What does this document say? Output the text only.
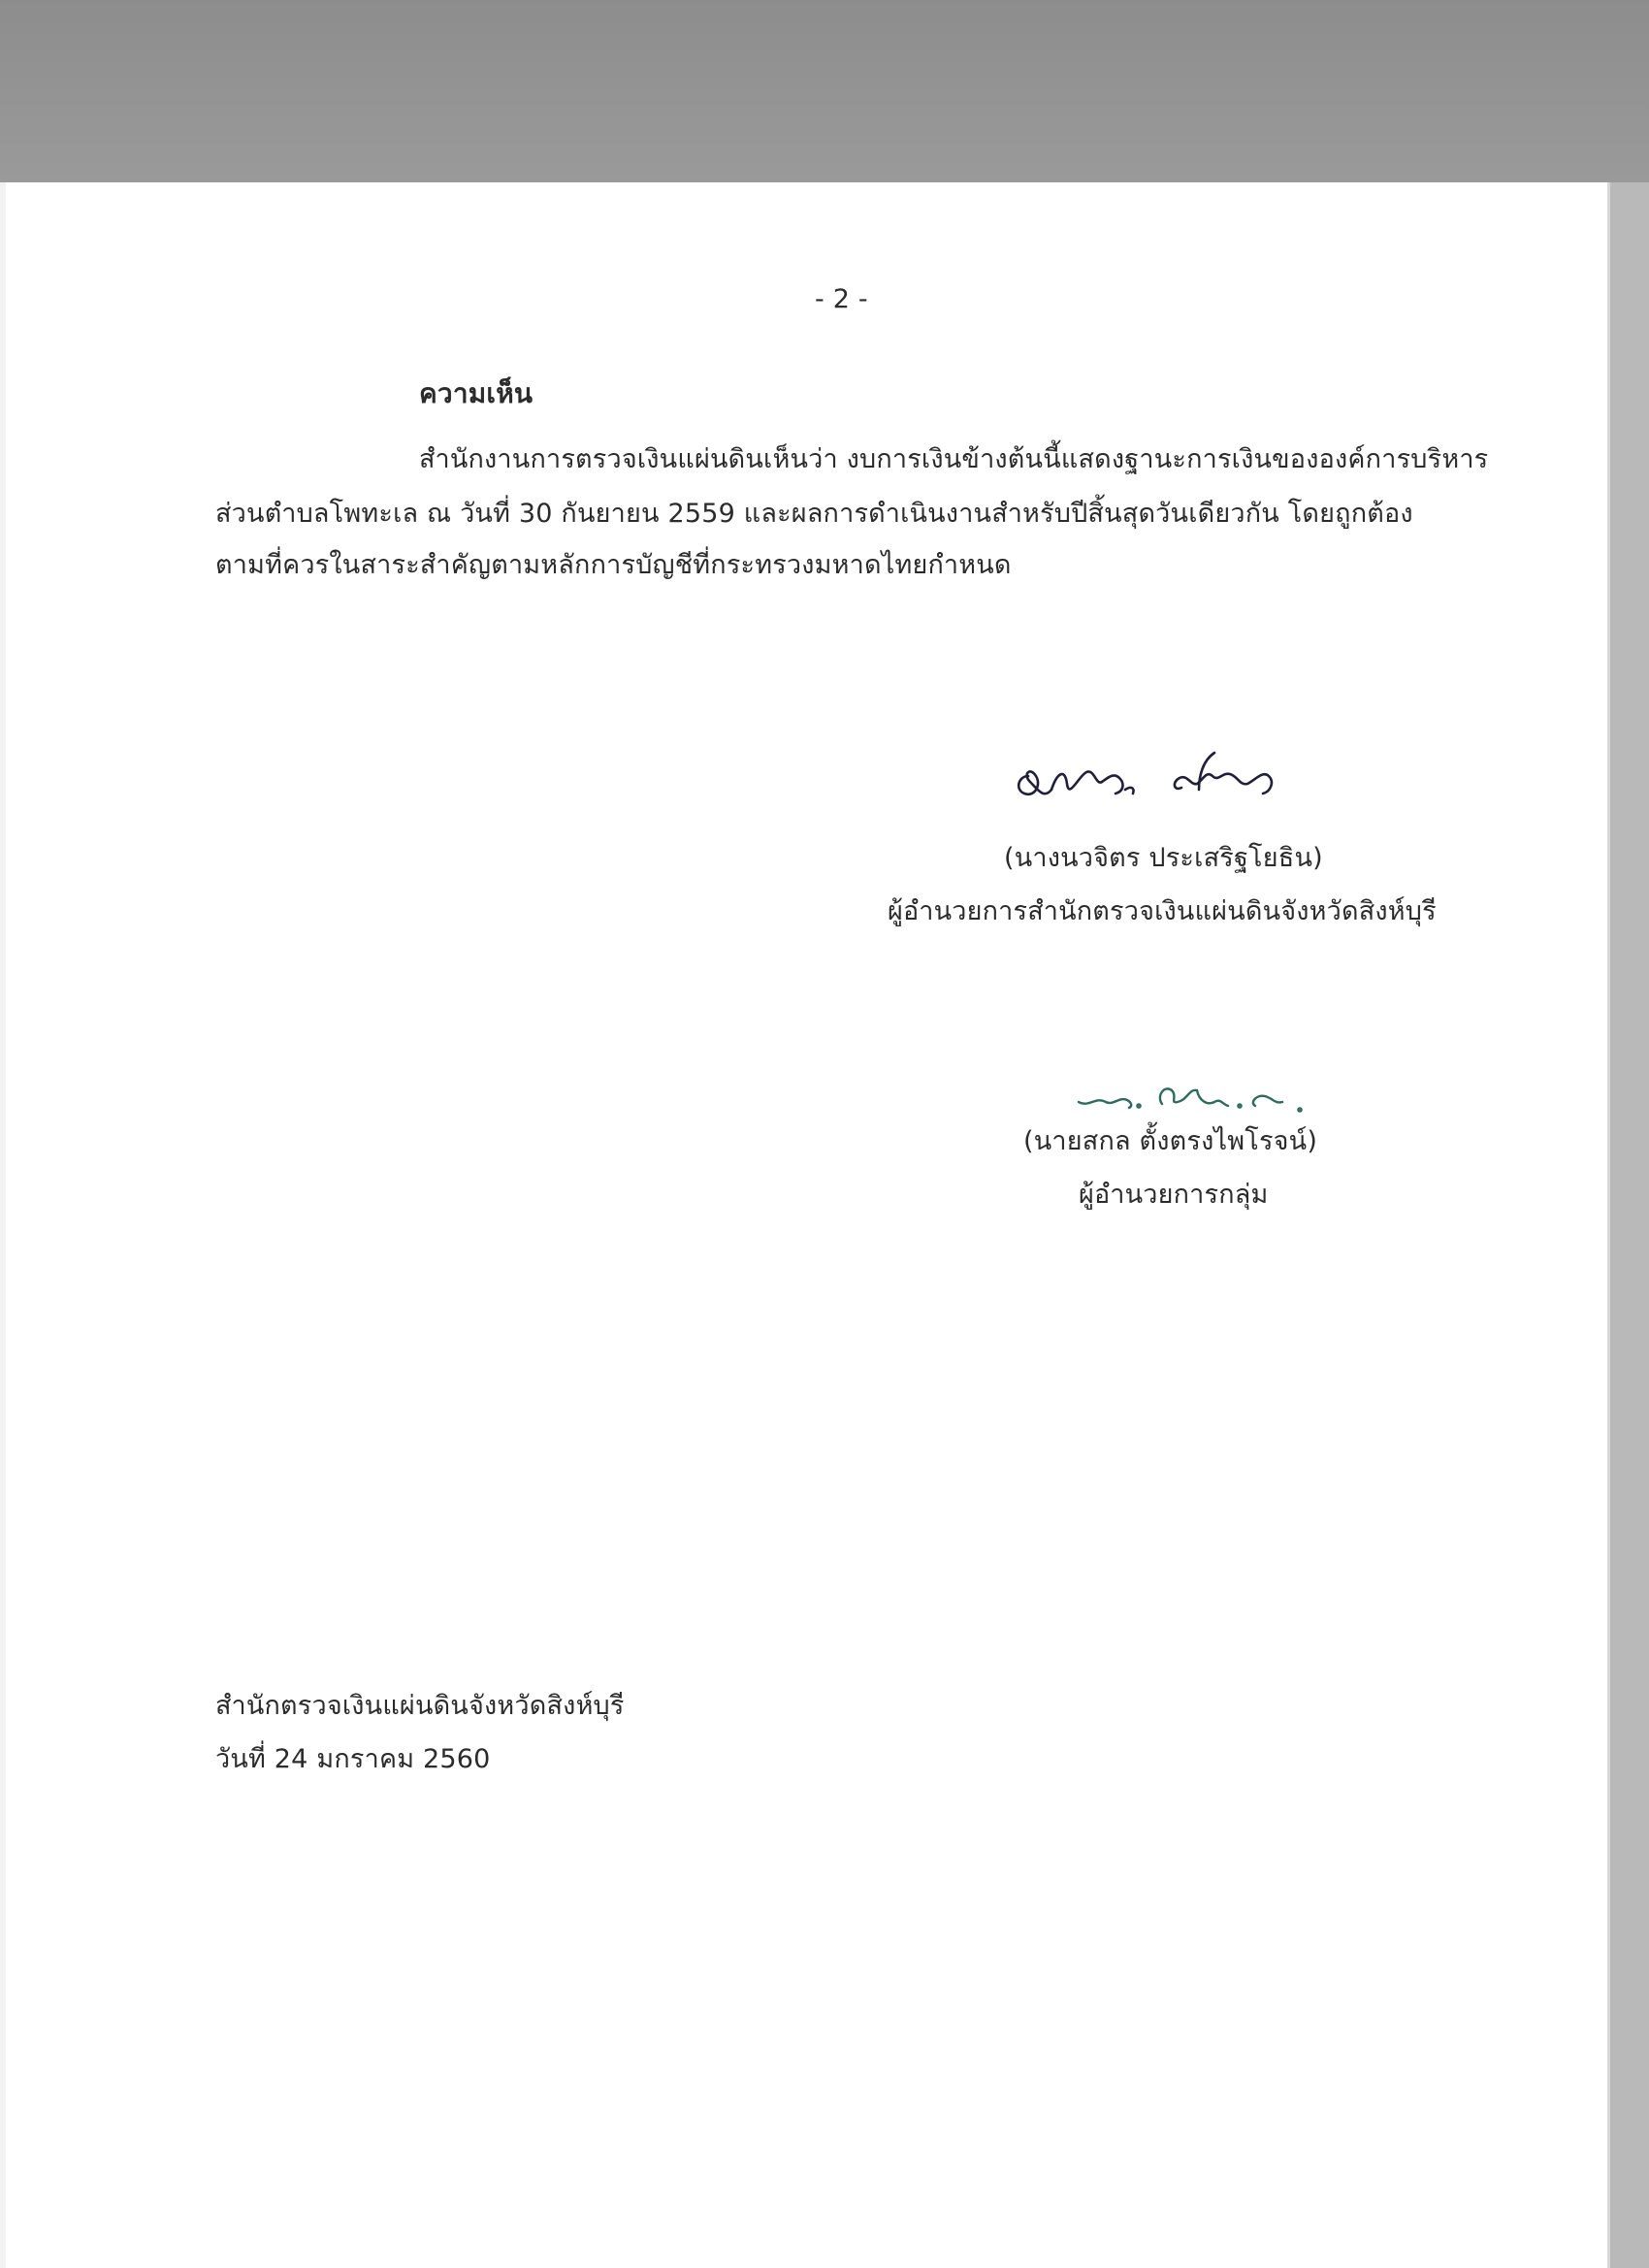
- 2 -
ความเห็น
สำนักงานการตรวจเงินแผ่นดินเห็นว่า งบการเงินข้างต้นนี้แสดงฐานะการเงินขององค์การบริหาร
ส่วนตำบลโพทะเล ณ วันที่ 30 กันยายน 2559 และผลการดำเนินงานสำหรับปีสิ้นสุดวันเดียวกัน โดยถูกต้อง
ตามที่ควรในสาระสำคัญตามหลักการบัญชีที่กระทรวงมหาดไทยกำหนด
(นางนวจิตร ประเสริฐโยธิน)
ผู้อำนวยการสำนักตรวจเงินแผ่นดินจังหวัดสิงห์บุรี
(นายสกล ตั้งตรงไพโรจน์)
ผู้อำนวยการกลุ่ม
สำนักตรวจเงินแผ่นดินจังหวัดสิงห์บุรี
วันที่ 24 มกราคม 2560
